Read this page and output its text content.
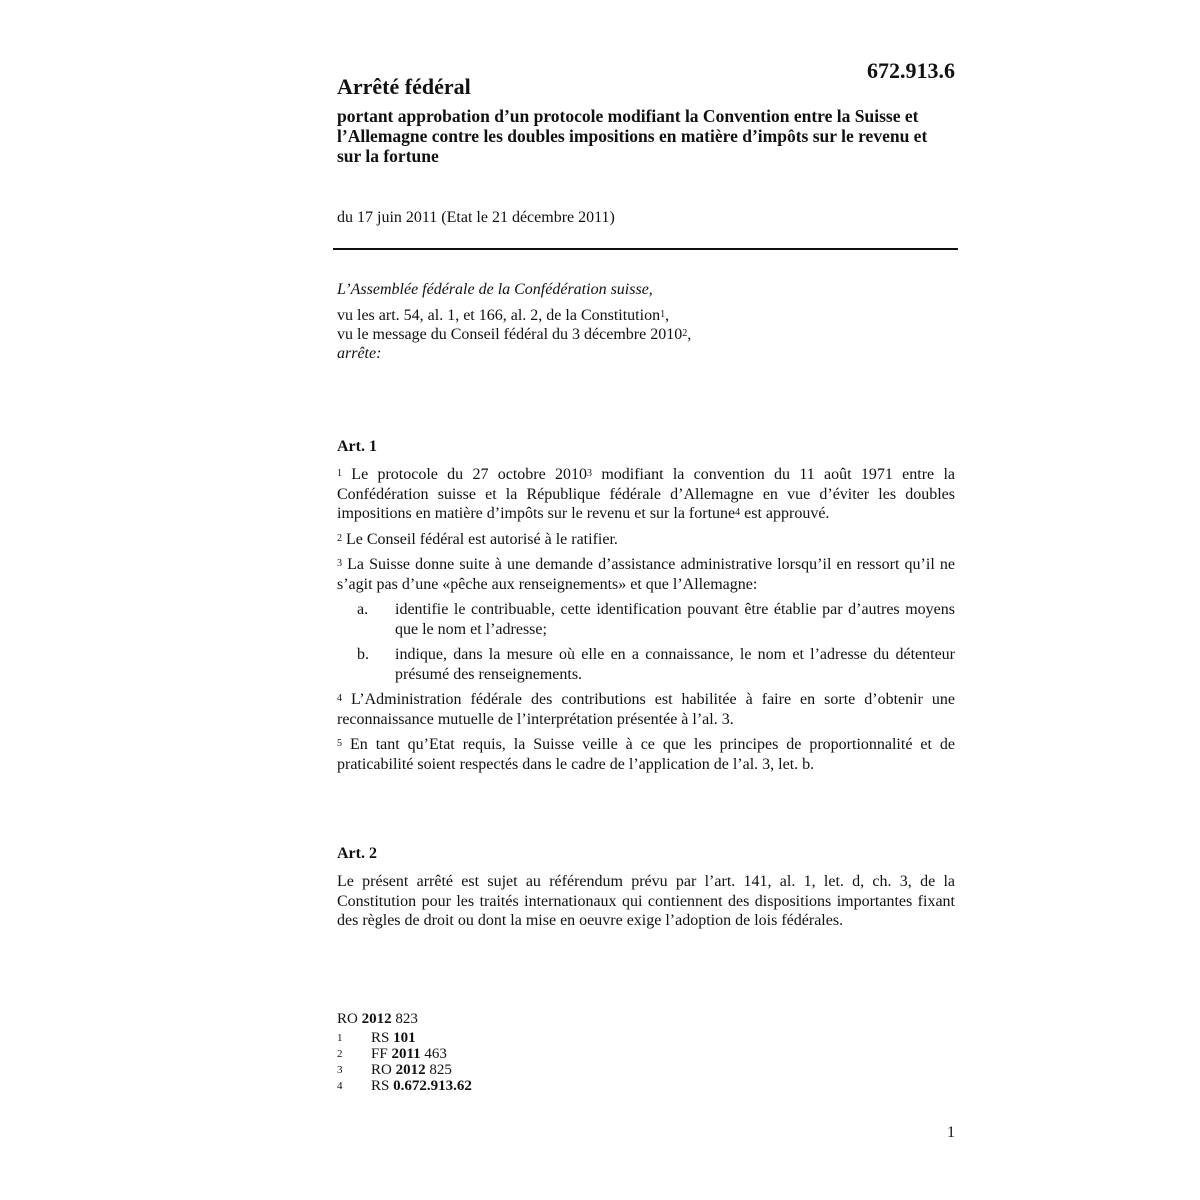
672.913.6
Arrêté fédéral

portant approbation d’un protocole modifiant la Convention entre la Suisse et l’Allemagne contre les doubles impositions en matière d’impôts sur le revenu et sur la fortune

du 17 juin 2011 (Etat le 21 décembre 2011)
L’Assemblée fédérale de la Confédération suisse,
vu les art. 54, al. 1, et 166, al. 2, de la Constitution$^1$,
vu le message du Conseil fédéral du 3 décembre 2010$^2$,
arrête:
Art. 1

$^1$ Le protocole du 27 octobre 2010$^3$ modifiant la convention du 11 août 1971 entre la Confédération suisse et la République fédérale d’Allemagne en vue d’éviter les doubles impositions en matière d’impôts sur le revenu et sur la fortune$^4$ est approuvé.

$^2$ Le Conseil fédéral est autorisé à le ratifier.

$^3$ La Suisse donne suite à une demande d’assistance administrative lorsqu’il en ressort qu’il ne s’agit pas d’une «pêche aux renseignements» et que l’Allemagne:

a.	identifie le contribuable, cette identification pouvant être établie par d’autres moyens que le nom et l’adresse;
b.	indique, dans la mesure où elle en a connaissance, le nom et l’adresse du détenteur présumé des renseignements.

$^4$ L’Administration fédérale des contributions est habilitée à faire en sorte d’obtenir une reconnaissance mutuelle de l’interprétation présentée à l’al. 3.

$^5$ En tant qu’Etat requis, la Suisse veille à ce que les principes de proportionnalité et de praticabilité soient respectés dans le cadre de l’application de l’al. 3, let. b.

Art. 2

Le présent arrêté est sujet au référendum prévu par l’art. 141, al. 1, let. d, ch. 3, de la Constitution pour les traités internationaux qui contiennent des dispositions importantes fixant des règles de droit ou dont la mise en oeuvre exige l’adoption de lois fédérales.

RO 2012 823
1	RS 101
2	FF 2011 463
3	RO 2012 825
4	RS 0.672.913.62
1
